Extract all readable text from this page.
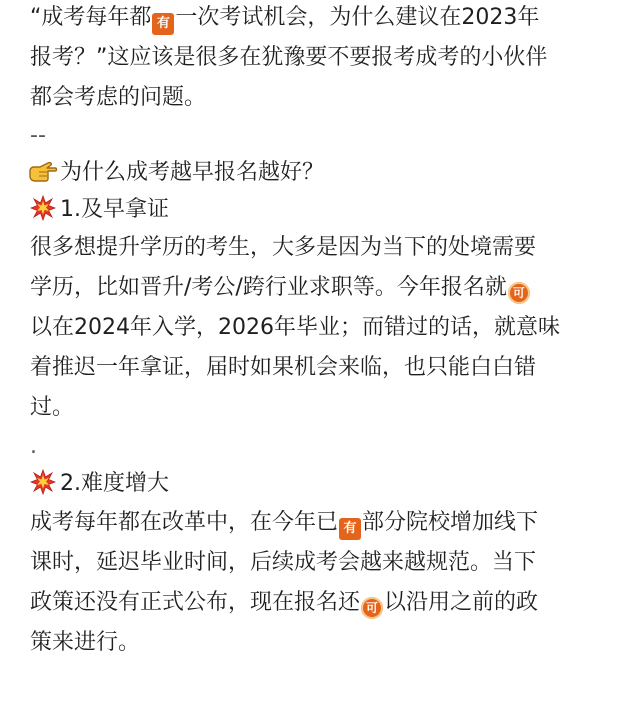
“成考每年都 有 一次考试机会，为什么建议在2023年
报考？”这应该是很多在犹豫要不要报考成考的小伙伴
都会考虑的问题。
--
为什么成考越早报名越好？
1.及早拿证
很多想提升学历的考生，大多是因为当下的处境需要
学历，比如晋升/考公/跨行业求职等。今年报名就 可
以在2024年入学，2026年毕业；而错过的话，就意味
着推迟一年拿证，届时如果机会来临，也只能白白错
过。
.
2.难度增大
成考每年都在改革中，在今年已 有 部分院校增加线下
课时，延迟毕业时间，后续成考会越来越规范。当下
政策还没有正式公布，现在报名还 可 以沿用之前的政
策来进行。
